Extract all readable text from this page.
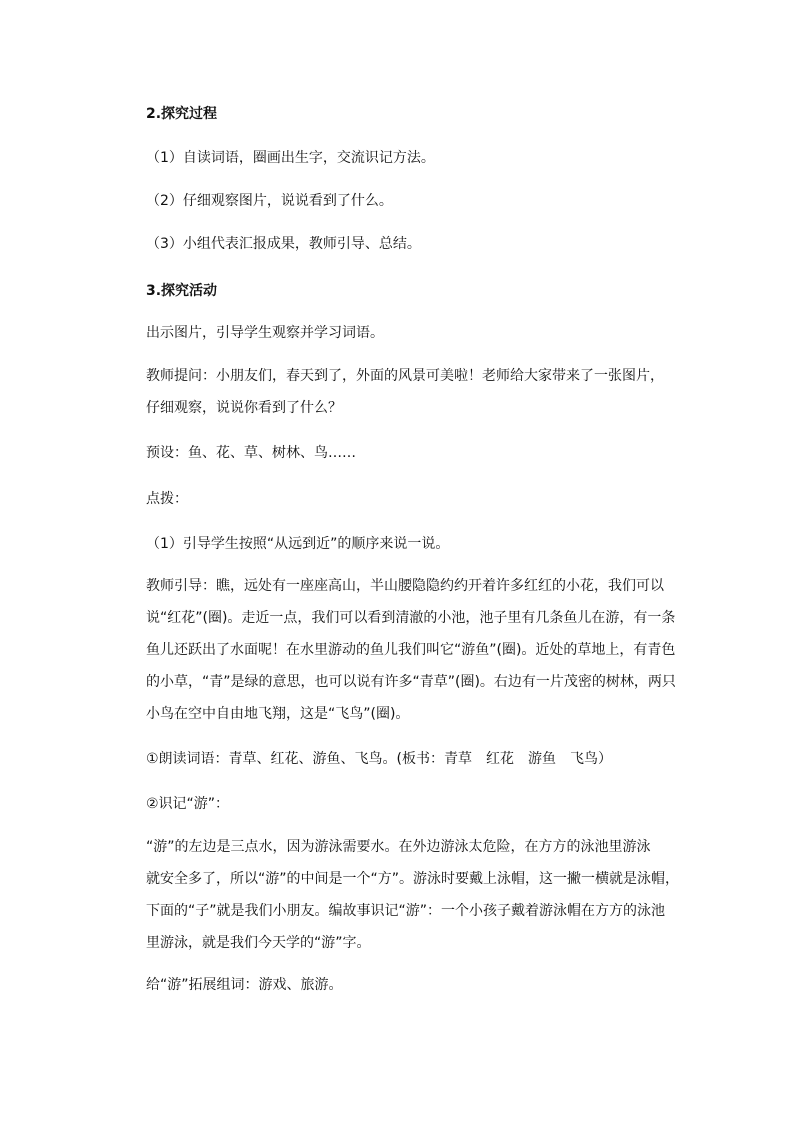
2.探究过程

（1）自读词语，圈画出生字，交流识记方法。

（2）仔细观察图片，说说看到了什么。

（3）小组代表汇报成果，教师引导、总结。

3.探究活动

出示图片，引导学生观察并学习词语。

教师提问：小朋友们，春天到了，外面的风景可美啦！老师给大家带来了一张图片，
仔细观察，说说你看到了什么？

预设：鱼、花、草、树林、鸟……

点拨：

（1）引导学生按照“从远到近”的顺序来说一说。

教师引导：瞧，远处有一座座高山，半山腰隐隐约约开着许多红红的小花，我们可以
说“红花”(圈)。走近一点，我们可以看到清澈的小池，池子里有几条鱼儿在游，有一条
鱼儿还跃出了水面呢！在水里游动的鱼儿我们叫它“游鱼”(圈)。近处的草地上，有青色
的小草，“青”是绿的意思，也可以说有许多“青草”(圈)。右边有一片茂密的树林，两只
小鸟在空中自由地飞翔，这是“飞鸟”(圈)。

①朗读词语：青草、红花、游鱼、飞鸟。(板书：青草　红花　游鱼　飞鸟）

②识记“游”：

“游”的左边是三点水，因为游泳需要水。在外边游泳太危险，在方方的泳池里游泳
就安全多了，所以“游”的中间是一个“方”。游泳时要戴上泳帽，这一撇一横就是泳帽，
下面的“子”就是我们小朋友。编故事识记“游”：一个小孩子戴着游泳帽在方方的泳池
里游泳，就是我们今天学的“游”字。

给“游”拓展组词：游戏、旅游。
